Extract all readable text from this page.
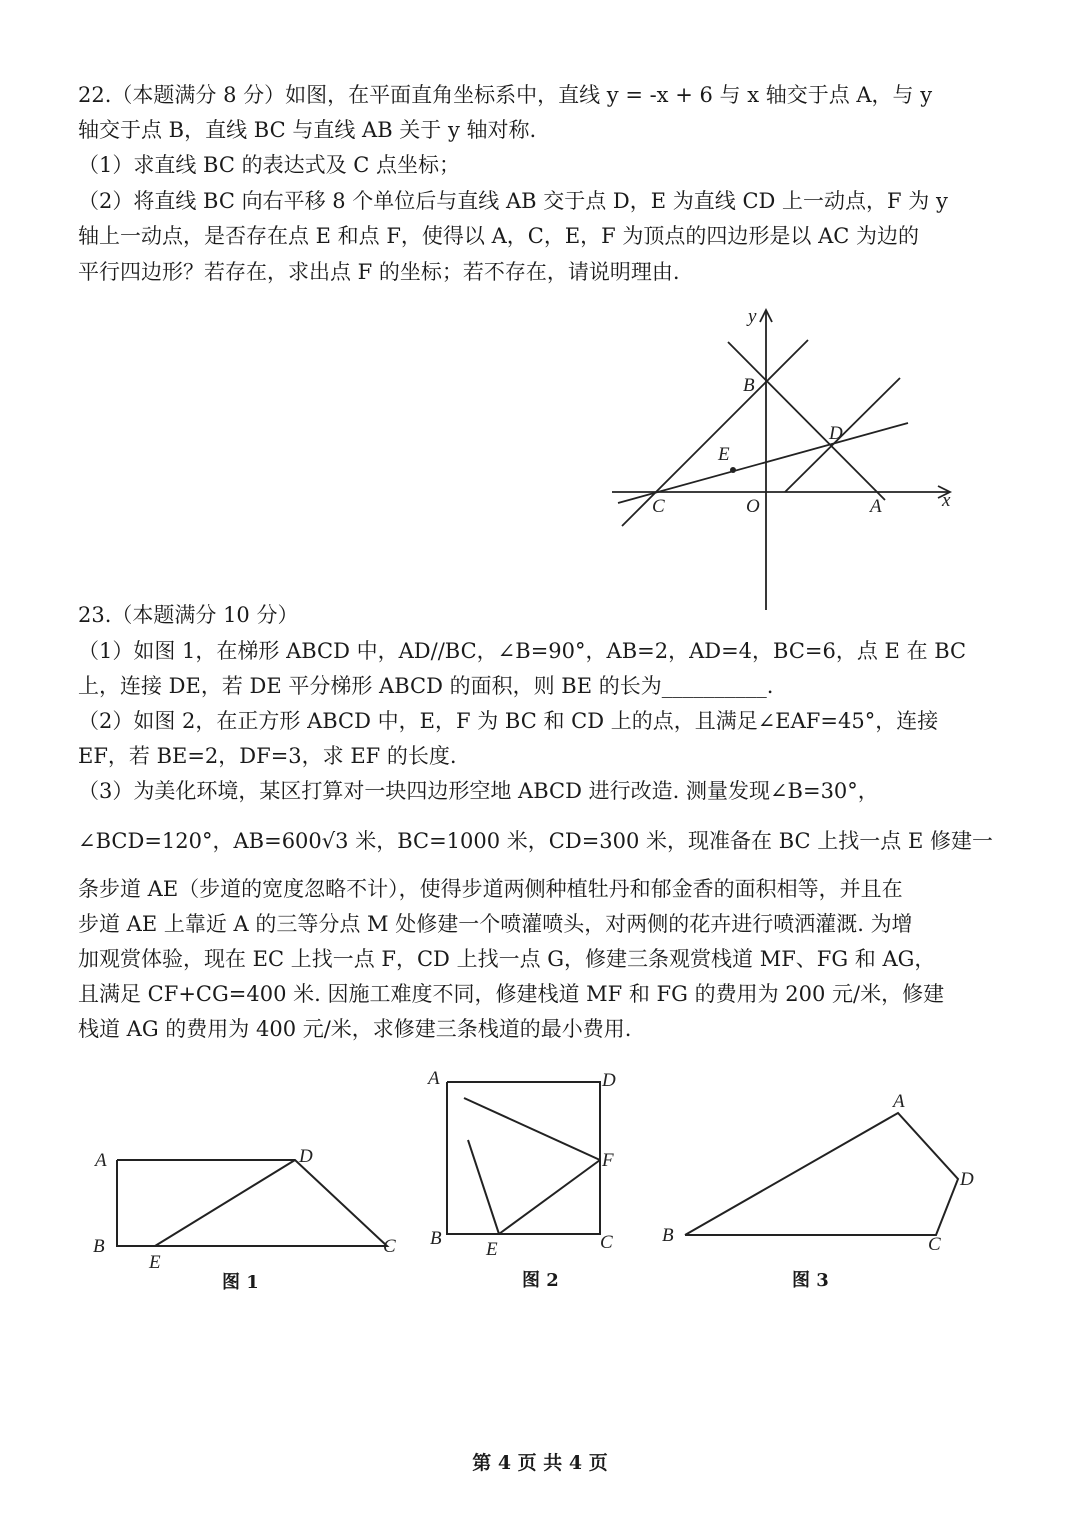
22.（本题满分 8 分）如图，在平面直角坐标系中，直线 y = -x + 6 与 x 轴交于点 A，与 y
轴交于点 B，直线 BC 与直线 AB 关于 y 轴对称.
（1）求直线 BC 的表达式及 C 点坐标；
（2）将直线 BC 向右平移 8 个单位后与直线 AB 交于点 D，E 为直线 CD 上一动点，F 为 y
轴上一动点，是否存在点 E 和点 F，使得以 A，C，E，F 为顶点的四边形是以 AC 为边的
平行四边形？若存在，求出点 F 的坐标；若不存在，请说明理由.
y
x
B
D
E
C	O	A
23.（本题满分 10 分）
（1）如图 1，在梯形 ABCD 中，AD//BC，∠B=90°，AB=2，AD=4，BC=6，点 E 在 BC
上，连接 DE，若 DE 平分梯形 ABCD 的面积，则 BE 的长为__________.
（2）如图 2，在正方形 ABCD 中，E，F 为 BC 和 CD 上的点，且满足∠EAF=45°，连接
EF，若 BE=2，DF=3，求 EF 的长度.
（3）为美化环境，某区打算对一块四边形空地 ABCD 进行改造. 测量发现∠B=30°，
∠BCD=120°，AB=600√3 米，BC=1000 米，CD=300 米，现准备在 BC 上找一点 E 修建一
条步道 AE（步道的宽度忽略不计），使得步道两侧种植牡丹和郁金香的面积相等，并且在
步道 AE 上靠近 A 的三等分点 M 处修建一个喷灌喷头，对两侧的花卉进行喷洒灌溉. 为增
加观赏体验，现在 EC 上找一点 F，CD 上找一点 G，修建三条观赏栈道 MF、FG 和 AG，
且满足 CF+CG=400 米. 因施工难度不同，修建栈道 MF 和 FG 的费用为 200 元/米，修建
栈道 AG 的费用为 400 元/米，求修建三条栈道的最小费用.
A	D
B
E
C
图 1
A	D
F
B
E	C
图 2
A
D
B	C
图 3
第 4 页 共 4 页
